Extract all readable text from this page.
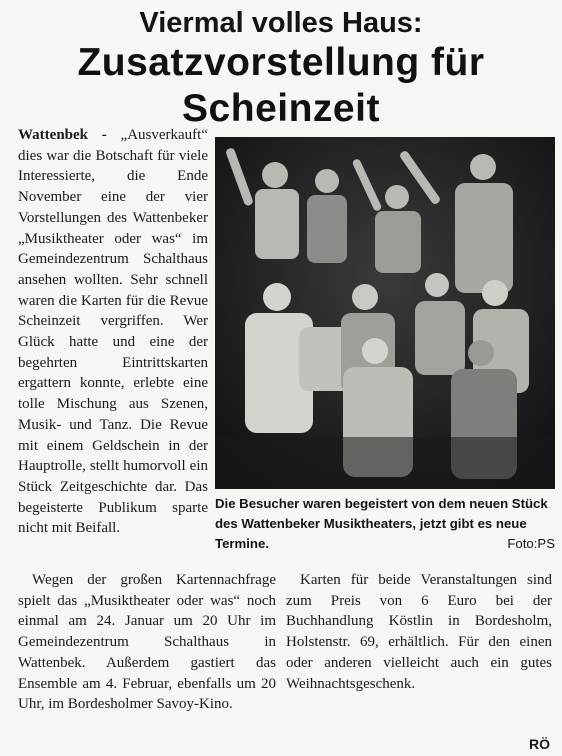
Viermal volles Haus:
Zusatzvorstellung für Scheinzeit

Wattenbek - „Ausverkauft“ dies war die Botschaft für viele Interessierte, die Ende November eine der vier Vorstellungen des Wattenbeker „Musiktheater oder was“ im Gemeindezentrum Schalthaus ansehen wollten. Sehr schnell waren die Karten für die Revue Scheinzeit vergriffen. Wer Glück hatte und eine der begehrten Eintrittskarten ergattern konnte, erlebte eine tolle Mischung aus Szenen, Musik- und Tanz. Die Revue mit einem Geldschein in der Hauptrolle, stellt humorvoll ein Stück Zeitgeschichte dar. Das begeisterte Publikum sparte nicht mit Beifall.

Die Besucher waren begeistert von dem neuen Stück des Wattenbeker Musiktheaters, jetzt gibt es neue Termine.	Foto:PS

Wegen der großen Kartennachfrage spielt das „Musiktheater oder was“ noch einmal am 24. Januar um 20 Uhr im Gemeindezentrum Schalthaus in Wattenbek. Außerdem gastiert das Ensemble am 4. Februar, ebenfalls um 20 Uhr, im Bordesholmer Savoy-Kino.

Karten für beide Veranstaltungen sind zum Preis von 6 Euro bei der Buchhandlung Köstlin in Bordesholm, Holstenstr. 69, erhältlich. Für den einen oder anderen vielleicht auch ein gutes Weihnachtsgeschenk.

RÖ
